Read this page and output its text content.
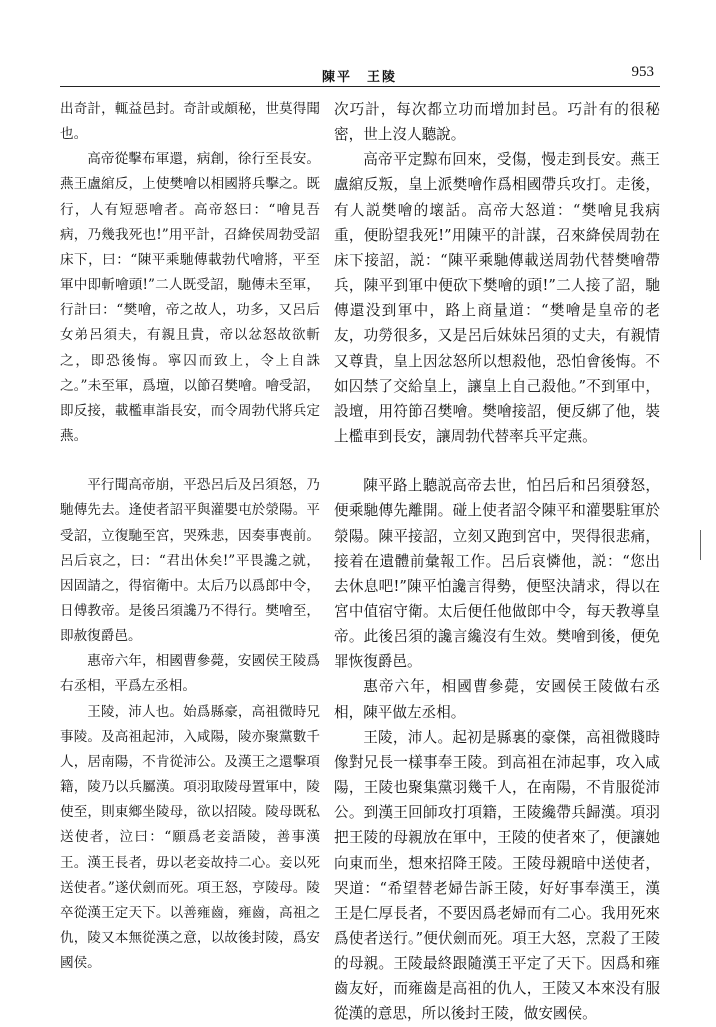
陳平　王陵	953

出奇計，輒益邑封。奇計或頗秘，世莫得聞也。

高帝從擊布軍還，病創，徐行至長安。燕王盧綰反，上使樊噲以相國將兵擊之。既行，人有短惡噲者。高帝怒曰：“噲見吾病，乃幾我死也!”用平計，召絳侯周勃受詔床下，曰：“陳平乘馳傳載勃代噲將，平至軍中即斬噲頭!”二人既受詔，馳傳未至軍，行計曰：“樊噲，帝之故人，功多，又呂后女弟呂須夫，有親且貴，帝以忿怒故欲斬之，即恐後悔。寧囚而致上，令上自誅之。”未至軍，爲壇，以節召樊噲。噲受詔，即反接，載檻車詣長安，而令周勃代將兵定燕。

平行聞高帝崩，平恐呂后及呂須怒，乃馳傳先去。逢使者詔平與灌嬰屯於滎陽。平受詔，立復馳至宮，哭殊悲，因奏事喪前。呂后哀之，曰：“君出休矣!”平畏讒之就，因固請之，得宿衛中。太后乃以爲郎中令，日傅教帝。是後呂須讒乃不得行。樊噲至，即赦復爵邑。

惠帝六年，相國曹參薨，安國侯王陵爲右丞相，平爲左丞相。

王陵，沛人也。始爲縣豪，高祖微時兄事陵。及高祖起沛，入咸陽，陵亦聚黨數千人，居南陽，不肯從沛公。及漢王之還擊項籍，陵乃以兵屬漢。項羽取陵母置軍中，陵使至，則東鄉坐陵母，欲以招陵。陵母既私送使者，泣曰：“願爲老妾語陵，善事漢王。漢王長者，毋以老妾故持二心。妾以死送使者。”遂伏劍而死。項王怒，亨陵母。陵卒從漢王定天下。以善雍齒，雍齒，高祖之仇，陵又本無從漢之意，以故後封陵，爲安國侯。

次巧計，每次都立功而增加封邑。巧計有的很秘密，世上沒人聽說。

高帝平定黥布回來，受傷，慢走到長安。燕王盧綰反叛，皇上派樊噲作爲相國帶兵攻打。走後，有人説樊噲的壞話。高帝大怒道：“樊噲見我病重，便盼望我死!”用陳平的計謀，召來絳侯周勃在床下接詔，説：“陳平乘馳傳載送周勃代替樊噲帶兵，陳平到軍中便砍下樊噲的頭!”二人接了詔，馳傳還没到軍中，路上商量道：“樊噲是皇帝的老友，功勞很多，又是呂后妹妹呂須的丈夫，有親情又尊貴，皇上因忿怒所以想殺他，恐怕會後悔。不如囚禁了交給皇上，讓皇上自己殺他。”不到軍中，設壇，用符節召樊噲。樊噲接詔，便反綁了他，裝上檻車到長安，讓周勃代替率兵平定燕。

陳平路上聽説高帝去世，怕呂后和呂須發怒，便乘馳傳先離開。碰上使者詔令陳平和灌嬰駐軍於滎陽。陳平接詔，立刻又跑到宮中，哭得很悲痛，接着在遺體前彙報工作。呂后哀憐他，説：“您出去休息吧!”陳平怕讒言得勢，便堅決請求，得以在宮中值宿守衛。太后便任他做郎中令，每天教導皇帝。此後呂須的讒言纔沒有生效。樊噲到後，便免罪恢復爵邑。

惠帝六年，相國曹參薨，安國侯王陵做右丞相，陳平做左丞相。

王陵，沛人。起初是縣裏的豪傑，高祖微賤時像對兄長一樣事奉王陵。到高祖在沛起事，攻入咸陽，王陵也聚集黨羽幾千人，在南陽，不肯服從沛公。到漢王回師攻打項籍，王陵纔帶兵歸漢。項羽把王陵的母親放在軍中，王陵的使者來了，便讓她向東而坐，想來招降王陵。王陵母親暗中送使者，哭道：“希望替老婦告訴王陵，好好事奉漢王，漢王是仁厚長者，不要因爲老婦而有二心。我用死來爲使者送行。”便伏劍而死。項王大怒，烹殺了王陵的母親。王陵最終跟隨漢王平定了天下。因爲和雍齒友好，而雍齒是高祖的仇人，王陵又本來没有服從漢的意思，所以後封王陵，做安國侯。
